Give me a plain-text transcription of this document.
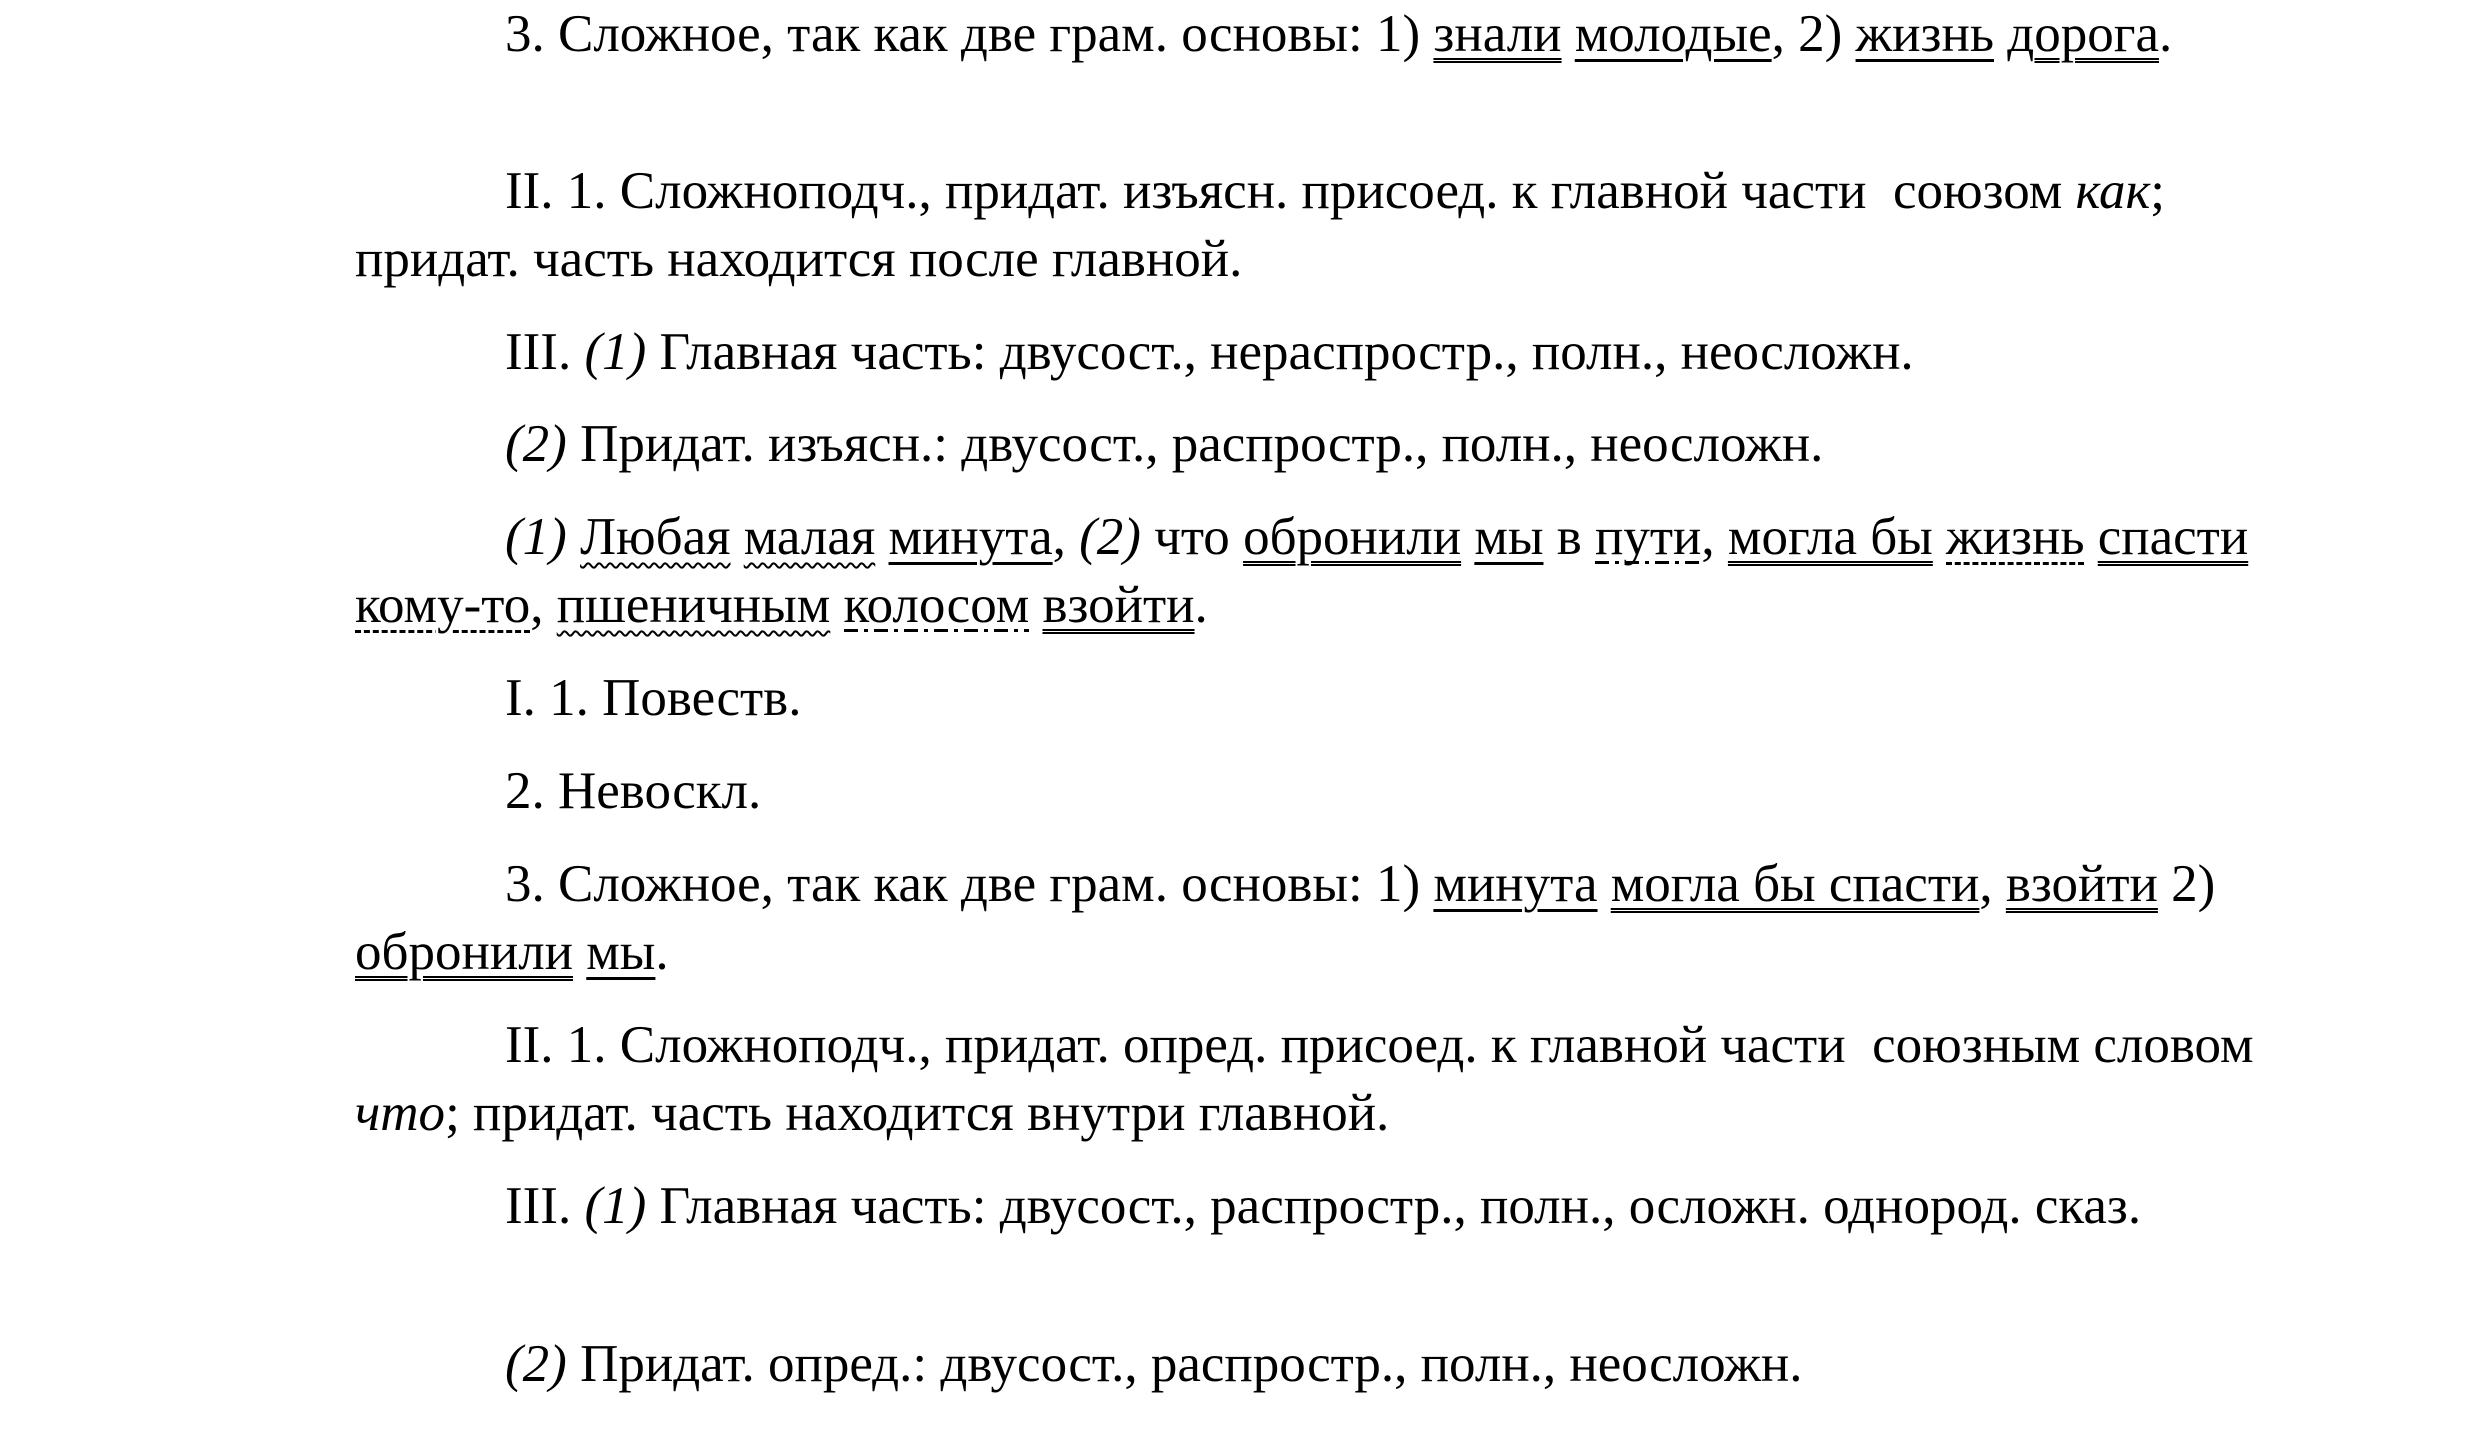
3. Сложное, так как две грам. основы: 1) знали молодые, 2) жизнь дорога.

II. 1. Сложноподч., придат. изъясн. присоед. к главной части  союзом как; придат. часть находится после главной.

III. (1) Главная часть: двусост., нераспростр., полн., неосложн.

(2) Придат. изъясн.: двусост., распростр., полн., неосложн.

(1) Любая малая минута, (2) что обронили мы в пути, могла бы жизнь спасти кому-то, пшеничным колосом взойти.

I. 1. Повеств.

2. Невоскл.

3. Сложное, так как две грам. основы: 1) минута могла бы спасти, взойти 2) обронили мы.

II. 1. Сложноподч., придат. опред. присоед. к главной части  союзным словом что; придат. часть находится внутри главной.

III. (1) Главная часть: двусост., распростр., полн., осложн. однород. сказ.

(2) Придат. опред.: двусост., распростр., полн., неосложн.
